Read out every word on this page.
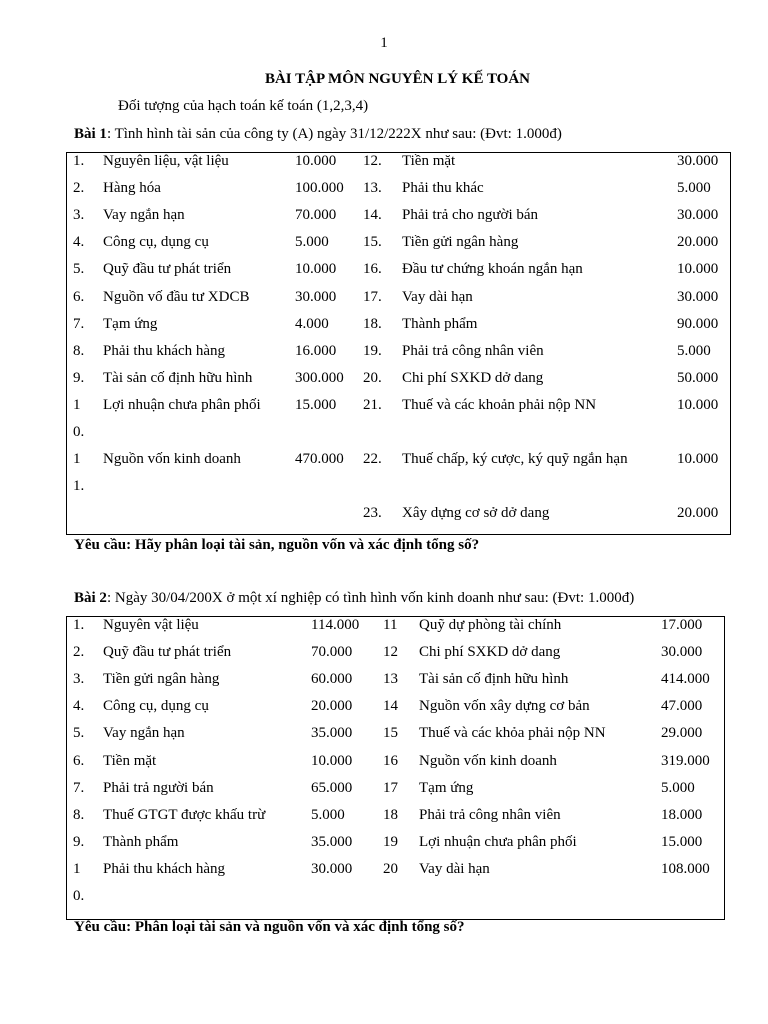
1
BÀI TẬP MÔN NGUYÊN LÝ KẾ TOÁN
Đối tượng của hạch toán kế toán (1,2,3,4)
Bài 1: Tình hình tài sản của công ty (A) ngày 31/12/222X như sau: (Đvt: 1.000đ)
1. Nguyên liệu, vật liệu	10.000 12. Tiền mặt	30.000
2. Hàng hóa	100.000 13. Phải thu khác	5.000
3. Vay ngắn hạn	70.000 14. Phải trả cho người bán	30.000
4. Công cụ, dụng cụ	5.000 15. Tiền gửi ngân hàng	20.000
5. Quỹ đầu tư phát triển	10.000 16. Đầu tư chứng khoán ngắn hạn	10.000
6. Nguồn vố đầu tư XDCB	30.000 17. Vay dài hạn	30.000
7. Tạm ứng	4.000 18. Thành phẩm	90.000
8. Phải thu khách hàng	16.000 19. Phải trả công nhân viên	5.000
9. Tài sản cố định hữu hình	300.000 20. Chi phí SXKD dở dang	50.000
1 Lợi nhuận chưa phân phối 15.000 21. Thuế và các khoản phải nộp NN	10.000
0.
1 Nguồn vốn kinh doanh	470.000 22. Thuế chấp, ký cược, ký quỹ ngắn hạn	10.000
1.
23. Xây dựng cơ sở dở dang	20.000
Yêu cầu: Hãy phân loại tài sản, nguồn vốn và xác định tổng số?
Bài 2: Ngày 30/04/200X ở một xí nghiệp có tình hình vốn kinh doanh như sau: (Đvt: 1.000đ)
1. Nguyên vật liệu	114.000 11 Quỹ dự phòng tài chính	17.000
2. Quỹ đầu tư phát triển	70.000 12 Chi phí SXKD dở dang	30.000
3. Tiền gửi ngân hàng	60.000 13 Tài sản cố định hữu hình	414.000
4. Công cụ, dụng cụ	20.000 14 Nguồn vốn xây dựng cơ bản	47.000
5. Vay ngắn hạn	35.000 15 Thuế và các khỏa phải nộp NN	29.000
6. Tiền mặt	10.000 16 Nguồn vốn kinh doanh	319.000
7. Phải trả người bán	65.000 17 Tạm ứng	5.000
8. Thuế GTGT được khấu trừ	5.000	18 Phải trả công nhân viên	18.000
9. Thành phẩm	35.000 19 Lợi nhuận chưa phân phối	15.000
1 Phải thu khách hàng	30.000 20 Vay dài hạn	108.000
0.
Yêu cầu: Phân loại tài sản và nguồn vốn và xác định tổng số?
